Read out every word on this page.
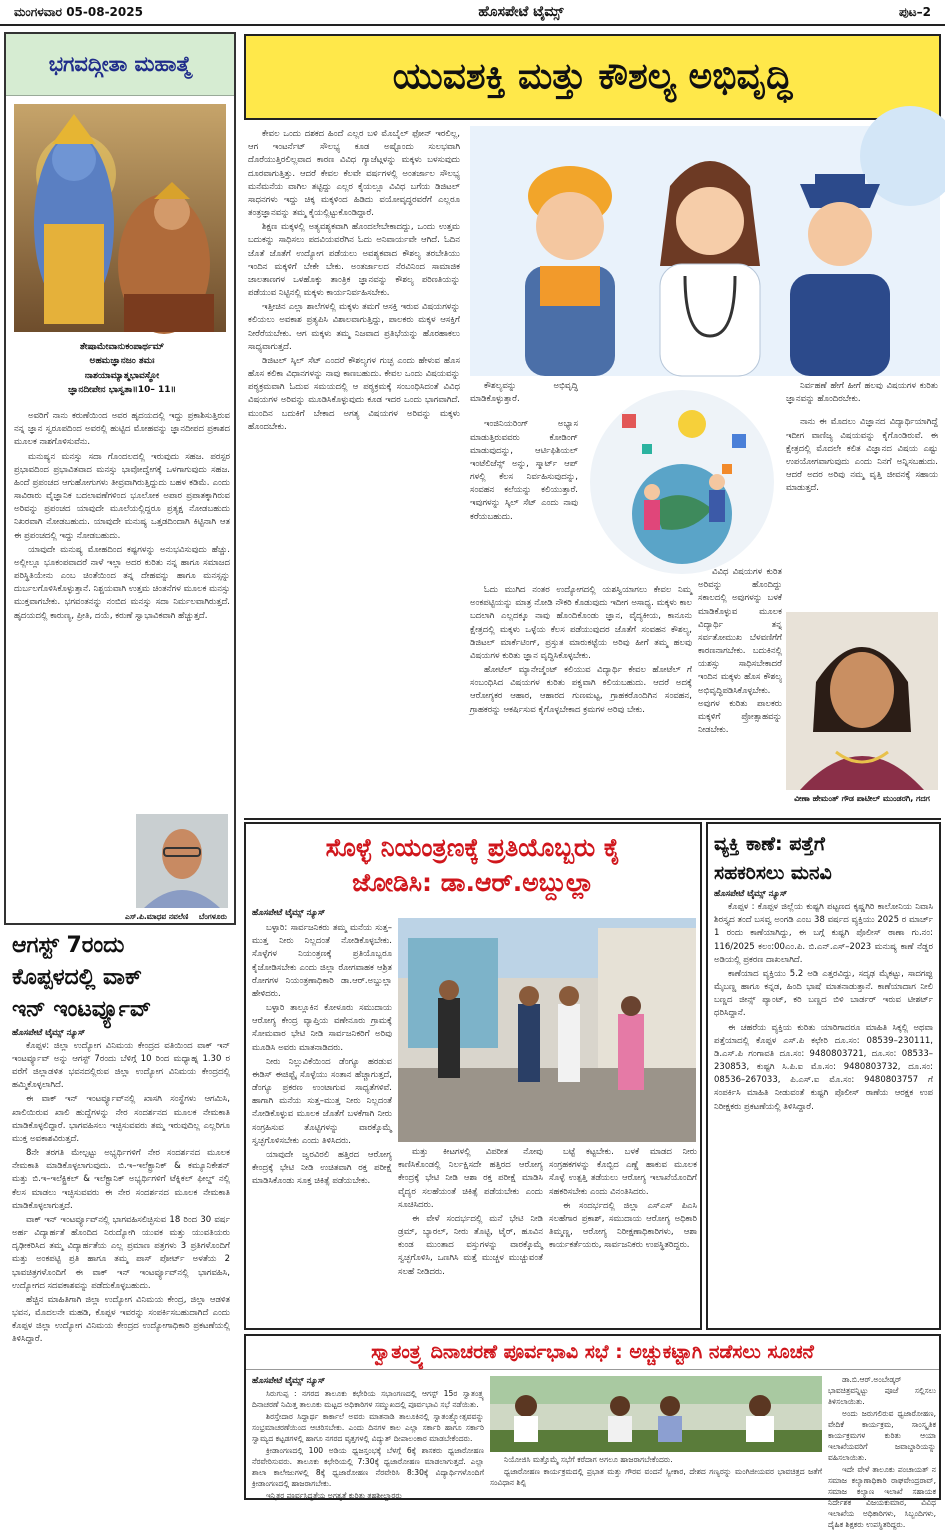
ಮಂಗಳವಾರ 05-08-2025	ಹೊಸಪೇಟೆ ಟೈಮ್ಸ್	ಪುಟ–2
ಭಗವದ್ಗೀತಾ ಮಹಾತ್ಮೆ
ತೇಷಾಮೇವಾನುಕಂಪಾರ್ಥಮ್
ಅಹಮಜ್ಞಾನಜಂ ತಮಃ
ನಾಶಯಾಮ್ಯಾತ್ಮಭಾವಸ್ಥೋ
ಜ್ಞಾನದೀಪೇನ ಭಾಸ್ವತಾ॥10– 11॥

ಅವರಿಗೆ ನಾನು ಕರುಣೆಯಿಂದ ಅವರ ಹೃದಯದಲ್ಲಿ ಇದ್ದು ಪ್ರಕಾಶಿಸುತ್ತಿರುವ ನನ್ನ ಜ್ಞಾನ ಸ್ವರೂಪದಿಂದ ಅವರಲ್ಲಿ ಹುಟ್ಟಿದ ಮೋಹವನ್ನು ಜ್ಞಾನದೀಪದ ಪ್ರಕಾಶದ ಮೂಲಕ ನಾಶಗೊಳಿಸುವೆನು.

ಮನುಷ್ಯನ ಮನಸ್ಸು ಸದಾ ಗೊಂದಲದಲ್ಲಿ ಇರುವುದು ಸಹಜ. ಪರಸ್ಪರ ಪ್ರಭಾವದಿಂದ ಪ್ರಭಾವಿತವಾದ ಮನಸ್ಸು ಭಾವೋದ್ವೇಗಕ್ಕೆ ಒಳಗಾಗುವುದು ಸಹಜ. ಹಿಂದೆ ಪ್ರಪಂಚದ ಆಗುಹೋಗುಗಳು ತೀವ್ರವಾಗಿರುತ್ತಿದ್ದುದು ಬಹಳ ಕಡಿಮೆ. ಎಂದು ಸಾವಿರಾರು ವೈಜ್ಞಾನಿಕ ಬದಲಾವಣೆಗಳಿಂದ ಭೂಲೋಕ ಅಪಾರ ಪ್ರಪಾತಕ್ಕಾಗಿರುವ ಅರಿವನ್ನು ಪ್ರಪಂಚದ ಯಾವುದೇ ಮೂಲೆಯಲ್ಲಿದ್ದರೂ ಪ್ರತ್ಯಕ್ಷ ನೋಡಬಹುದು ನಿಖರವಾಗಿ ನೋಡಬಹುದು. ಯಾವುದೇ ಮನುಷ್ಯ ಒತ್ತಡದಿಂದಾಗಿ ಕಿಟ್ಟಿನಾಗಿ ಆತ ಈ ಪ್ರಪಂಚದಲ್ಲಿ ಇದ್ದು ನೋಡಬಹುದು.

ಯಾವುದೇ ಮನುಷ್ಯ ಮೋಹದಿಂದ ಕಷ್ಟಗಳನ್ನು ಅನುಭವಿಸುವುದು ಹೆಚ್ಚು. ಅಲ್ಲೀಲ್ಲೂ ಭೂಕಂಪವಾದರೆ ನಾಳೆ ಇಲ್ಲಾ ಅದರ ಕುರಿತು ನನ್ನ ಹಾಗೂ ಸಮಾಜದ ಪರಿಸ್ಥಿತಿಯೇನು ಎಂಬ ಚಿಂತೆಯಿಂದ ತನ್ನ ದೇಹವನ್ನು ಹಾಗೂ ಮನಸ್ಸನ್ನು ದುರ್ಬಲಗೊಳಿಸಿಕೊಳ್ಳುತ್ತಾನೆ. ನಿಶ್ಚಯವಾಗಿ ಉತ್ತಮ ಚಿಂತನೆಗಳ ಮೂಲಕ ಮನಸ್ಸು ಮುಕ್ತವಾಗಬೇಕು. ಭಗವಂತನನ್ನು ನಂಬಿದ ಮನಸ್ಸು ಸದಾ ನಿರ್ಮಲವಾಗಿರುತ್ತದೆ. ಹೃದಯದಲ್ಲಿ ಕಾರುಣ್ಯ, ಪ್ರೀತಿ, ದಯೆ, ಕರುಣೆ ಸ್ವಾಭಾವಿಕವಾಗಿ ಹೆಚ್ಚುತ್ತದೆ.

ಎಸ್.ಪಿ.ಮಾಧವ ನವಲೆಣಿ ಬೆಂಗಳೂರು
ಆಗಸ್ಟ್ 7ರಂದು
ಕೊಪ್ಪಳದಲ್ಲಿ ವಾಕ್
ಇನ್ ಇಂಟರ್ವ್ಯೂವ್
ಹೊಸಪೇಟೆ ಟೈಮ್ಸ್ ನ್ಯೂಸ್

ಕೊಪ್ಪಳ: ಜಿಲ್ಲಾ ಉದ್ಯೋಗ ವಿನಿಮಯ ಕೇಂದ್ರದ ವತಿಯಿಂದ ವಾಕ್ ಇನ್ ಇಂಟರ್ವ್ಯೂವ್ ಅನ್ನು ಆಗಸ್ಟ್ 7ರಂದು ಬೆಳಿಗ್ಗೆ 10 ರಿಂದ ಮಧ್ಯಾಹ್ನ 1.30 ರ ವರೆಗೆ ಜಿಲ್ಲಾಡಳಿತ ಭವನದಲ್ಲಿರುವ ಜಿಲ್ಲಾ ಉದ್ಯೋಗ ವಿನಿಮಯ ಕೇಂದ್ರದಲ್ಲಿ ಹಮ್ಮಿಕೊಳ್ಳಲಾಗಿದೆ.

ಈ ವಾಕ್ ಇನ್ ಇಂಟರ್ವ್ಯೂವ್‌ನಲ್ಲಿ ಖಾಸಗಿ ಸಂಸ್ಥೆಗಳು ಆಗಮಿಸಿ, ಖಾಲಿಯಿರುವ ಖಾಲಿ ಹುದ್ದೆಗಳನ್ನು ನೇರ ಸಂದರ್ಶನದ ಮೂಲಕ ನೇಮಕಾತಿ ಮಾಡಿಕೊಳ್ಳಲಿದ್ದಾರೆ. ಭಾಗವಹಿಸಲು ಇಚ್ಛಿಸುವವರು ತಮ್ಮ ಇರುವುದಿಲ್ಲ ಎಲ್ಲರಿಗೂ ಮುಕ್ತ ಅವಕಾಶವಿರುತ್ತದೆ.

8ನೇ ತರಗತಿ ಮೇಲ್ಪಟ್ಟು ಅಭ್ಯರ್ಥಿಗಳಿಗೆ ನೇರ ಸಂದರ್ಶನದ ಮೂಲಕ ನೇಮಕಾತಿ ಮಾಡಿಕೊಳ್ಳಲಾಗುವುದು. ಬಿ.ಇ–ಇಲೆಕ್ಟ್ರಾನಿಕ್ & ಕಮ್ಯೂನಿಕೇಶನ್ ಮತ್ತು ಬಿ.ಇ–ಇಲೆಕ್ಟ್ರಿಕಲ್ & ಇಲೆಕ್ಟ್ರಾನಿಕ್ ಅಭ್ಯರ್ಥಿಗಳಿಗೆ ಟೆಕ್ನಿಕಲ್ ಫೀಲ್ಡ್ ನಲ್ಲಿ ಕೆಲಸ ಮಾಡಲು ಇಚ್ಛಿಸುವವರು ಈ ನೇರ ಸಂದರ್ಶನದ ಮೂಲಕ ನೇಮಕಾತಿ ಮಾಡಿಕೊಳ್ಳಲಾಗುತ್ತದೆ.

ವಾಕ್ ಇನ್ ಇಂಟರ್ವ್ಯೂವ್‌ನಲ್ಲಿ ಭಾಗವಹಿಸಲಿಚ್ಛಿಸುವ 18 ರಿಂದ 30 ವರ್ಷ ಅರ್ಹ ವಿದ್ಯಾರ್ಹತೆ ಹೊಂದಿದ ನಿರುದ್ಯೋಗಿ ಯುವಕ ಮತ್ತು ಯುವತಿಯರು ದೃಢೀಕರಿಸಿದ ತಮ್ಮ ವಿದ್ಯಾರ್ಹತೆಯ ಎಲ್ಲ ಪ್ರಮಾಣ ಪತ್ರಗಳು 3 ಪ್ರತಿಗಳೊಂದಿಗೆ ಮತ್ತು ಅಂಕಪಟ್ಟಿ ಪ್ರತಿ ಹಾಗೂ ತಮ್ಮ ಪಾಸ್ ಪೋರ್ಟ್ ಅಳತೆಯ 2 ಭಾವಚಿತ್ರಗಳೊಂದಿಗೆ ಈ ವಾಕ್ ಇನ್ ಇಂಟರ್ವ್ಯೂವ್‌ನಲ್ಲಿ ಭಾಗವಹಿಸಿ, ಉದ್ಯೋಗದ ಸದವಕಾಶವನ್ನು ಪಡೆದುಕೊಳ್ಳಬಹುದು.

ಹೆಚ್ಚಿನ ಮಾಹಿತಿಗಾಗಿ ಜಿಲ್ಲಾ ಉದ್ಯೋಗ ವಿನಿಮಯ ಕೇಂದ್ರ, ಜಿಲ್ಲಾ ಆಡಳಿತ ಭವನ, ಮೊದಲನೇ ಮಹಡಿ, ಕೊಪ್ಪಳ ಇವರನ್ನು ಸಂಪರ್ಕಿಸಬಹುದಾಗಿದೆ ಎಂದು ಕೊಪ್ಪಳ ಜಿಲ್ಲಾ ಉದ್ಯೋಗ ವಿನಿಮಯ ಕೇಂದ್ರದ ಉದ್ಯೋಗಾಧಿಕಾರಿ ಪ್ರಕಟಣೆಯಲ್ಲಿ ತಿಳಿಸಿದ್ದಾರೆ.

ಯುವಶಕ್ತಿ ಮತ್ತು ಕೌಶಲ್ಯ ಅಭಿವೃದ್ಧಿ

ಕೇವಲ ಒಂದು ದಶಕದ ಹಿಂದೆ ಎಲ್ಲರ ಬಳಿ ಮೊಬೈಲ್ ಫೋನ್ ಇರಲಿಲ್ಲ, ಆಗ ಇಂಟರ್ನೆಟ್ ಸೌಲಭ್ಯ ಕೂಡ ಅಷ್ಟೊಂದು ಸುಲಭವಾಗಿ ದೊರೆಯುತ್ತಿರಲಿಲ್ಲವಾದ ಕಾರಣ ವಿವಿಧ ಗ್ಯಾಜೆಟ್ಗಳನ್ನು ಮಕ್ಕಳು ಬಳಸುವುದು ದೂರವಾಗುತ್ತಿತ್ತು. ಆದರೆ ಕೇವಲ ಕೆಲವೇ ವರ್ಷಗಳಲ್ಲಿ ಅಂತರ್ಜಾಲ ಸೌಲಭ್ಯ ಮನೆಮನೆಯ ವಾಗಿಲ ತಟ್ಟಿದ್ದು ಎಲ್ಲರ ಕೈಯಲ್ಲೂ ವಿವಿಧ ಬಗೆಯ ಡಿಜಿಟಲ್ ಸಾಧನಗಳು ಇದ್ದು ಚಿಕ್ಕ ಮಕ್ಕಳಿಂದ ಹಿಡಿದು ವಯೋವೃದ್ಧರವರೆಗೆ ಎಲ್ಲರೂ ತಂತ್ರಜ್ಞಾನವನ್ನು ತಮ್ಮ ಕೈಯಲ್ಲಿಟ್ಟುಕೊಂಡಿದ್ದಾರೆ.

ಶಿಕ್ಷಣ ಮಕ್ಕಳಲ್ಲಿ ಅತ್ಯವಶ್ಯಕವಾಗಿ ಹೊಂದಲೇಬೇಕಾದದ್ದು, ಒಂದು ಉತ್ತಮ ಬದುಕನ್ನು ಸಾಧಿಸಲು ಪದವಿಯವರೆಗಿನ ಓದು ಅನಿವಾರ್ಯವೇ ಆಗಿದೆ. ಓದಿನ ಜೊತೆ ಜೊತೆಗೆ ಉದ್ಯೋಗ ಪಡೆಯಲು ಅವಶ್ಯಕವಾದ ಕೌಶಲ್ಯ ತರಬೇತಿಯು ಇಂದಿನ ಮಕ್ಕಳಿಗೆ ಬೇಕೇ ಬೇಕು. ಅಂತರ್ಜಾಲದ ನೆರವಿನಿಂದ ಸಾಮಾಜಿಕ ಜಾಲತಾಣಗಳ ಒಳಹೊಕ್ಕು ತಾಂತ್ರಿಕ ಜ್ಞಾನವನ್ನು ಕೌಶಲ್ಯ ಪರಿಣತಿಯನ್ನು ಪಡೆಯುವ ನಿಟ್ಟಿನಲ್ಲಿ ಮಕ್ಕಳು ಕಾರ್ಯನಿರ್ವಹಿಸಬೇಕು.

ಇತ್ತೀಚಿನ ಎಲ್ಲಾ ಶಾಲೆಗಳಲ್ಲಿ ಮಕ್ಕಳು ತಮಗೆ ಆಸಕ್ತಿ ಇರುವ ವಿಷಯಗಳನ್ನು ಕಲಿಯಲು ಅವಕಾಶ ಪ್ರತ್ಯಪಿಸಿ ವಿಶಾಲವಾಗುತ್ತಿದ್ದು, ಪಾಲಕರು ಮಕ್ಕಳ ಆಸಕ್ತಿಗೆ ನೀರೆರೆಯಬೇಕು. ಆಗ ಮಕ್ಕಳು ತಮ್ಮ ನಿಜವಾದ ಪ್ರತಿಭೆಯನ್ನು ಹೊರಹಾಕಲು ಸಾಧ್ಯವಾಗುತ್ತದೆ.

ಡಿಜಿಟಲ್ ಸ್ಕಿಲ್ ಸೆಟ್ ಎಂದರೆ ಕೌಶಲ್ಯಗಳ ಗುಚ್ಛ ಎಂದು ಹೇಳುವ ಹೊಸ ಹೊಸ ಕಲಿಕಾ ವಿಧಾನಗಳನ್ನು ನಾವು ಕಾಣಬಹುದು. ಕೇವಲ ಒಂದು ವಿಷಯವನ್ನು ಪಠ್ಯಕ್ರಮವಾಗಿ ಓದುವ ಸಮಯದಲ್ಲಿ ಆ ಪಠ್ಯಕ್ರಮಕ್ಕೆ ಸಂಬಂಧಿಸಿದಂತೆ ವಿವಿಧ ವಿಷಯಗಳ ಅರಿವನ್ನು ಮೂಡಿಸಿಕೊಳ್ಳುವುದು ಕೂಡ ಇದರ ಒಂದು ಭಾಗವಾಗಿದೆ. ಮುಂದಿನ ಬದುಕಿಗೆ ಬೇಕಾದ ಅಗತ್ಯ ವಿಷಯಗಳ ಅರಿವನ್ನು ಮಕ್ಕಳು ಹೊಂದಬೇಕು.

ಕೌಶಲ್ಯವನ್ನು ಅಭಿವೃದ್ಧಿ ಮಾಡಿಕೊಳ್ಳುತ್ತಾರೆ.

ಇಂಜಿನಿಯರಿಂಗ್ ಅಭ್ಯಾಸ ಮಾಡುತ್ತಿರುವವರು ಕೋಡಿಂಗ್ ಮಾಡುವುದನ್ನು, ಆರ್ಟಿಫಿಶಿಯಲ್ ಇಂಟೆಲಿಜೆನ್ಸ್ ಅನ್ನು, ಸ್ಮಾರ್ಟ್ ಆಪ್ ಗಳಲ್ಲಿ ಕೆಲಸ ನಿರ್ವಹಿಸುವುದನ್ನು, ಸಂವಹನ ಕಲೆಯನ್ನು ಕಲಿಯುತ್ತಾರೆ. ಇವುಗಳನ್ನು ಸ್ಕಿಲ್ ಸೆಟ್ ಎಂದು ನಾವು ಕರೆಯಬಹುದು.

ಓದು ಮುಗಿದ ನಂತರ ಉದ್ಯೋಗದಲ್ಲಿ ಯಶಸ್ವಿಯಾಗಲು ಕೇವಲ ನಿಮ್ಮ ಅಂಕಪಟ್ಟಿಯನ್ನು ಮಾತ್ರ ನೋಡಿ ನೌಕರಿ ಕೊಡುವುದು ಇದೀಗ ಅಸಾಧ್ಯ. ಮಕ್ಕಳು ಕಾಲ ಬದಲಾಗಿ ಎಲ್ಲದಕ್ಕೂ ನಾವು ಹೊಂದಿಕೊಂಡು ಜ್ಞಾನ, ವೈದ್ಯಕೀಯ, ಕಾನೂನು ಕ್ಷೇತ್ರದಲ್ಲಿ ಮಕ್ಕಳು ಒಳ್ಳೆಯ ಕೆಲಸ ಪಡೆಯುವುದರ ಜೊತೆಗೆ ಸಂವಹನ ಕೌಶಲ್ಯ, ಡಿಜಿಟಲ್ ಮಾರ್ಕೆಟಿಂಗ್, ಪ್ರಸ್ತುತ ಮಾರುಕಟ್ಟೆಯ ಅರಿವು ಹೀಗೆ ತಮ್ಮ ಹಲವು ವಿಷಯಗಳ ಕುರಿತು ಜ್ಞಾನ ವೃದ್ಧಿಸಿಕೊಳ್ಳಬೇಕು.

ಹೋಟೆಲ್ ಮ್ಯಾನೇಜ್ಮೆಂಟ್ ಕಲಿಯುವ ವಿದ್ಯಾರ್ಥಿ ಕೇವಲ ಹೋಟೆಲ್ ಗೆ ಸಂಬಂಧಿಸಿದ ವಿಷಯಗಳ ಕುರಿತು ಪಕ್ವವಾಗಿ ಕಲಿಯಬಹುದು. ಆದರೆ ಅದಕ್ಕೆ ಆರೋಗ್ಯಕರ ಆಹಾರ, ಆಹಾರದ ಗುಣಮಟ್ಟ, ಗ್ರಾಹಕರೊಂದಿಗಿನ ಸಂವಹನ, ಗ್ರಾಹಕರನ್ನು ಆಕರ್ಷಿಸುವ ಕೈಗೊಳ್ಳಬೇಕಾದ ಕ್ರಮಗಳ ಅರಿವು ಬೇಕು.

ನಿರ್ವಹಣೆ ಹೇಗೆ ಹೀಗೆ ಹಲವು ವಿಷಯಗಳ ಕುರಿತು ಜ್ಞಾನವನ್ನು ಹೊಂದಿರಬೇಕು.

ನಾನು ಈ ಮೊದಲು ವಿಜ್ಞಾನದ ವಿದ್ಯಾರ್ಥಿಯಾಗಿದ್ದೆ ಇದೀಗ ವಾಣಿಜ್ಯ ವಿಷಯವನ್ನು ಕೈಗೊಂಡಿರುವೆ. ಈ ಕ್ಷೇತ್ರದಲ್ಲಿ ಮೊದಲೇ ಕಲಿತ ವಿಜ್ಞಾನದ ವಿಷಯ ಎಷ್ಟು ಉಪಯೋಗವಾಗುವುದು ಎಂದು ನಿನಗೆ ಅನ್ನಿಸಬಹುದು. ಆದರೆ ಅದರ ಅರಿವು ನಮ್ಮ ವೃತ್ತಿ ಜೀವನಕ್ಕೆ ಸಹಾಯ ಮಾಡುತ್ತದೆ.

ವಿವಿಧ ವಿಷಯಗಳ ಕುರಿತ ಅರಿವನ್ನು ಹೊಂದಿದ್ದು ಸಕಾಲದಲ್ಲಿ ಅವುಗಳನ್ನು ಬಳಕೆ ಮಾಡಿಕೊಳ್ಳುವ ಮೂಲಕ ವಿದ್ಯಾರ್ಥಿ ತನ್ನ ಸರ್ವತೋಮುಖ ಬೆಳವಣಿಗೆಗೆ ಕಾರಣನಾಗಬೇಕು. ಬದುಕಿನಲ್ಲಿ ಯಶಸ್ಸು ಸಾಧಿಸಬೇಕಾದರೆ ಇಂದಿನ ಮಕ್ಕಳು ಹೊಸ ಕೌಶಲ್ಯ ಅಭಿವೃದ್ಧಿಪಡಿಸಿಕೊಳ್ಳಬೇಕು. ಅವುಗಳ ಕುರಿತು ಪಾಲಕರು ಮಕ್ಕಳಿಗೆ ಪ್ರೋತ್ಸಾಹವನ್ನು ನೀಡಬೇಕು.

ವೀಣಾ ಹೇಮಂತ್ ಗೌಡ ಪಾಟೀಲ್ ಮುಂಡರಗಿ, ಗದಗ
ಸೊಳ್ಳೆ ನಿಯಂತ್ರಣಕ್ಕೆ ಪ್ರತಿಯೊಬ್ಬರು ಕೈ
ಜೋಡಿಸಿ: ಡಾ.ಆರ್.ಅಬ್ದುಲ್ಲಾ
ಹೊಸಪೇಟೆ ಟೈಮ್ಸ್ ನ್ಯೂಸ್

ಬಳ್ಳಾರಿ: ಸಾರ್ವಜನಿಕರು ತಮ್ಮ ಮನೆಯ ಸುತ್ತ–ಮುತ್ತ ನೀರು ನಿಲ್ಲದಂತೆ ನೋಡಿಕೊಳ್ಳಬೇಕು. ಸೊಳ್ಳೆಗಳ ನಿಯಂತ್ರಣಕ್ಕೆ ಪ್ರತಿಯೊಬ್ಬರೂ ಕೈಜೋಡಿಸಬೇಕು ಎಂದು ಜಿಲ್ಲಾ ರೋಗವಾಹಕ ಆಶ್ರಿತ ರೋಗಗಳ ನಿಯಂತ್ರಣಾಧಿಕಾರಿ ಡಾ.ಆರ್.ಅಬ್ದುಲ್ಲಾ ಹೇಳಿದರು.

ಬಳ್ಳಾರಿ ತಾಲ್ಲೂಕಿನ ಕೋಳೂರು ಸಮುದಾಯ ಆರೋಗ್ಯ ಕೇಂದ್ರ ವ್ಯಾಪ್ತಿಯ ವಣೇನೂರು ಗ್ರಾಮಕ್ಕೆ ಸೋಮವಾರ ಭೇಟಿ ನೀಡಿ ಸಾರ್ವಜನಿಕರಿಗೆ ಅರಿವು ಮೂಡಿಸಿ ಅವರು ಮಾತನಾಡಿದರು.

ನೀರು ನಿಲ್ಲುವಿಕೆಯಿಂದ ಡೆಂಗ್ಯೂ ಹರಡುವ ಈಡಿಸ್ ಈಜಿಪ್ಟೈ ಸೊಳ್ಳೆಯು ಸಂತಾನ ಹೆಚ್ಚಾಗುತ್ತದೆ, ಡೆಂಗ್ಯೂ ಪ್ರಕರಣ ಉಂಟಾಗುವ ಸಾಧ್ಯತೆಗಳಿವೆ. ಹಾಗಾಗಿ ಮನೆಯ ಸುತ್ತ–ಮುತ್ತ ನೀರು ನಿಲ್ಲದಂತೆ ನೋಡಿಕೊಳ್ಳುವ ಮೂಲಕ ಜೊತೆಗೆ ಬಳಕೆಗಾಗಿ ನೀರು ಸಂಗ್ರಹಿಸುವ ತೊಟ್ಟಿಗಳನ್ನು ವಾರಕ್ಕೊಮ್ಮೆ ಸ್ವಚ್ಛಗೊಳಿಸಬೇಕು ಎಂದು ತಿಳಿಸಿದರು.

ಯಾವುದೇ ಜ್ವರವಿರಲಿ ಹತ್ತಿರದ ಆರೋಗ್ಯ ಕೇಂದ್ರಕ್ಕೆ ಭೇಟಿ ನೀಡಿ ಉಚಿತವಾಗಿ ರಕ್ತ ಪರೀಕ್ಷೆ ಮಾಡಿಸಿಕೊಂಡು ಸೂಕ್ತ ಚಿಕಿತ್ಸೆ ಪಡೆಯಬೇಕು.

ಮತ್ತು ಕೀಟಗಳಲ್ಲಿ ವಿಪರೀತ ನೋವು ಕಾಣಿಸಿಕೊಂಡಲ್ಲಿ ನಿರ್ಲಕ್ಷಿಸದೇ ಹತ್ತಿರದ ಆರೋಗ್ಯ ಕೇಂದ್ರಕ್ಕೆ ಭೇಟಿ ನೀಡಿ ಆಶಾ ರಕ್ತ ಪರೀಕ್ಷೆ ಮಾಡಿಸಿ ವೈದ್ಯರ ಸಲಹೆಯಂತೆ ಚಿಕಿತ್ಸೆ ಪಡೆಯಬೇಕು ಎಂದು ಸೂಚಿಸಿದರು.

ಈ ವೇಳೆ ಸಂದರ್ಭದಲ್ಲಿ ಮನೆ ಭೇಟಿ ನೀಡಿ ಡ್ರಮ್, ಬ್ಯಾರಲ್, ನೀರು ತೊಟ್ಟಿ, ಟೈರ್, ಹೂವಿನ ಕುಂಡ ಮುಂತಾದ ವಸ್ತುಗಳನ್ನು ವಾರಕ್ಕೊಮ್ಮೆ ಸ್ವಚ್ಛಗೊಳಿಸಿ, ಒಣಗಿಸಿ ಮತ್ತೆ ಮುಚ್ಚಳ ಮುಚ್ಚುವಂತೆ ಸಲಹೆ ನೀಡಿದರು.

ಬಟ್ಟೆ ಕಟ್ಟಬೇಕು. ಬಳಕೆ ಮಾಡದ ನೀರು ಸಂಗ್ರಹಕಗಳನ್ನು ಕೊಬ್ಬಿದ ಎಣ್ಣೆ ಹಾಕುವ ಮೂಲಕ ಸೊಳ್ಳೆ ಉತ್ಪತ್ತಿ ತಡೆಯಲು ಆರೋಗ್ಯ ಇಲಾಖೆಯೊಂದಿಗೆ ಸಹಕರಿಸಬೇಕು ಎಂದು ವಿನಂತಿಸಿದರು.

ಈ ಸಂದರ್ಭದಲ್ಲಿ ಜಿಲ್ಲಾ ಎಸ್ಎಸ್ ಪಿಎಸಿ ಸಲಹೆಗಾರ ಪ್ರಕಾಶ್, ಸಮುದಾಯ ಆರೋಗ್ಯ ಅಧಿಕಾರಿ ತಿಮ್ಮಣ್ಣ, ಆರೋಗ್ಯ ನಿರೀಕ್ಷಣಾಧಿಕಾರಿಗಳು, ಆಶಾ ಕಾರ್ಯಕರ್ತೆಯರು, ಸಾರ್ವಜನಿಕರು ಉಪಸ್ಥಿತರಿದ್ದರು.

ವ್ಯಕ್ತಿ ಕಾಣೆ: ಪತ್ತೆಗೆ
ಸಹಕರಿಸಲು ಮನವಿ
ಹೊಸಪೇಟೆ ಟೈಮ್ಸ್ ನ್ಯೂಸ್

ಕೊಪ್ಪಳ : ಕೊಪ್ಪಳ ಜಿಲ್ಲೆಯ ಕುಷ್ಟಗಿ ಪಟ್ಟಣದ ಕೃಷ್ಣಗಿರಿ ಕಾಲೋನಿಯ ನಿವಾಸಿ ಶಿರಸ್ತ್ಯದ ತಂದೆ ಬಸವ್ವ ಅಂಗಡಿ ಎಂಬ 38 ವರ್ಷದ ವ್ಯಕ್ತಿಯು 2025 ರ ಮಾರ್ಚ್ 1 ರಂದು ಕಾಣೆಯಾಗಿದ್ದು, ಈ ಬಗ್ಗೆ ಕುಷ್ಟಗಿ ಪೊಲೀಸ್ ಠಾಣಾ ಗು.ನಂ: 116/2025 ಕಲಂ:00ಎಂ.ಪಿ. ಬಿ.ಎನ್.ಎಸ್–2023 ಮನುಷ್ಯ ಕಾಣೆ ನೆಡ್ಡರ ಅಡಿಯಲ್ಲಿ ಪ್ರಕರಣ ದಾಖಲಾಗಿದೆ.

ಕಾಣೆಯಾದ ವ್ಯಕ್ತಿಯು 5.2 ಅಡಿ ಎತ್ತರವಿದ್ದು, ಸದೃಢ ಮೈಕಟ್ಟು, ಸಾದಗಪ್ಪು ಮೈಬಣ್ಣ ಹಾಗೂ ಕನ್ನಡ, ಹಿಂದಿ ಭಾಷೆ ಮಾತನಾಡುತ್ತಾನೆ. ಕಾಣೆಯಾದಾಗ ನೀಲಿ ಬಣ್ಣದ ಜೀನ್ಸ್ ಪ್ಯಾಂಟ್, ಕರಿ ಬಣ್ಣದ ಬಿಳಿ ಬಾರ್ಡರ್ ಇರುವ ಟೀಶರ್ಟ್ ಧರಿಸಿದ್ದಾನೆ.

ಈ ಚಹರೆಯ ವ್ಯಕ್ತಿಯ ಕುರಿತು ಯಾರಿಗಾದರೂ ಮಾಹಿತಿ ಸಿಕ್ಕಲ್ಲಿ ಅಥವಾ ಪತ್ತೆಯಾದಲ್ಲಿ ಕೊಪ್ಪಳ ಎಸ್.ಪಿ ಕಛೇರಿ ದೂ.ಸಂ: 08539–230111, ಡಿ.ಎಸ್.ಪಿ ಗಂಗಾವತಿ ದೂ.ಸಂ: 9480803721, ದೂ.ಸಂ: 08533–230853, ಕುಷ್ಟಗಿ ಸಿ.ಪಿ.ಐ ಮೊ.ಸಂ: 9480803732, ದೂ.ಸಂ: 08536–267033, ಪಿ.ಎಸ್.ಐ ಮೊ.ಸಂ: 9480803757 ಗೆ ಸಂಪರ್ಕಿಸಿ ಮಾಹಿತಿ ನೀಡುವಂತೆ ಕುಷ್ಟಗಿ ಪೊಲೀಸ್ ಠಾಣೆಯ ಆರಕ್ಷಕ ಉಪ ನಿರೀಕ್ಷಕರು ಪ್ರಕಟಣೆಯಲ್ಲಿ ತಿಳಿಸಿದ್ದಾರೆ.

ಸ್ವಾತಂತ್ರ್ಯ ದಿನಾಚರಣೆ ಪೂರ್ವಭಾವಿ ಸಭೆ : ಅಚ್ಚುಕಟ್ಟಾಗಿ ನಡೆಸಲು ಸೂಚನೆ
ಹೊಸಪೇಟೆ ಟೈಮ್ಸ್ ನ್ಯೂಸ್

ಸಿರುಗುಪ್ಪ : ನಗರದ ತಾಲೂಕು ಕಛೇರಿಯ ಸಭಾಂಗಣದಲ್ಲಿ ಆಗಸ್ಟ್ 15ರ ಸ್ವಾತಂತ್ರ್ಯ ದಿನಾಚರಣೆ ನಿಮಿತ್ತ ತಾಲೂಕು ಮಟ್ಟದ ಅಧಿಕಾರಿಗಳ ಸಮ್ಮುಖದಲ್ಲಿ ಪೂರ್ವಭಾವಿ ಸಭೆ ನಡೆಯಿತು.

ಶಿರಸ್ತೇದಾರ ಸಿದ್ದಾರ್ಥ ಕಾರ್ಕಾಲೆ ಅವರು ಮಾತನಾಡಿ ತಾಲೂಕಿನಲ್ಲಿ ಸ್ವಾತಂತ್ರ್ಯೋತ್ಸವವನ್ನು ಸಂಭ್ರಮಾಚರಣೆಯಿಂದ ಆಚರಿಸಬೇಕು. ಎಂದು ದಿನಗಳ ಕಾಲ ಎಲ್ಲಾ ಸರ್ಕಾರಿ ಹಾಗೂ ಸರ್ಕಾರಿ ಸ್ವಾಮ್ಯದ ಕಟ್ಟಡಗಳಲ್ಲಿ ಹಾಗೂ ನಗರದ ವೃತ್ತಗಳಲ್ಲಿ ವಿದ್ಯುತ್ ದೀಪಾಲಂಕಾರ ಮಾಡಬೇಕೆಂದರು.

ಕ್ರೀಡಾಂಗಣದಲ್ಲಿ 100 ಅಡಿಯ ಧ್ವಜಸ್ತಂಭಕ್ಕೆ ಬೆಳಗ್ಗೆ 6ಕ್ಕೆ ಶಾಸಕರು ಧ್ವಜಾರೋಹಣ ನೆರವೇರಿಸುವರು. ತಾಲೂಕು ಕಛೇರಿಯಲ್ಲಿ 7:30ಕ್ಕೆ ಧ್ವಜಾರೋಹಣ ಮಾಡಲಾಗುತ್ತದೆ. ಎಲ್ಲಾ ಶಾಲಾ ಕಾಲೇಜುಗಳಲ್ಲಿ 8ಕ್ಕೆ ಧ್ವಜಾರೋಹಣ ನೆರವೇರಿಸಿ 8:30ಕ್ಕೆ ವಿದ್ಯಾರ್ಥಿಗಳೊಂದಿಗೆ ಕ್ರೀಡಾಂಗಣದಲ್ಲಿ ಹಾಜರಾಗಬೇಕು.

ಇನ್ನಿತರ ಪೂರ್ವಸಿದ್ಧತೆಯ ಅಗತ್ಯತೆ ಕುರಿತು ತಹಶೀಲ್ದಾರರು

ನಿಯೋಜಿಸಿ ಮತ್ತೊಮ್ಮೆ ಸಭೆಗೆ ಕರೆದಾಗ ಅಗಲೂ ಹಾಜರಾಗಬೇಕೆಂದರು.

ಧ್ವಜಾರೋಹಣ ಕಾರ್ಯಕ್ರಮದಲ್ಲಿ ಪ್ರಭಾತ ಮತ್ತು ಗೌರವ ವಂದನೆ ಸ್ವೀಕಾರ, ದೇಶದ ಗಣ್ಯರನ್ನು ಮಂಗಿಜೀಯವರ ಭಾವಚಿತ್ರದ ಜತೆಗೆ ಸಂವಿಧಾನ ಶಿಲ್ಪಿ

ಡಾ.ಬಿ.ಆರ್.ಅಂಬೇಡ್ಕರ್ ಭಾವಚಿತ್ರವನ್ನಿಟ್ಟು ಪೂಜೆ ಸಲ್ಲಿಸಲು ತಿಳಿಸಲಾಯಿತು.

ಅಂದು ಜರುಗಲಿರುವ ಧ್ವಜಾರೋಹಣ, ವೇದಿಕೆ ಕಾರ್ಯಕ್ರಮ, ಸಾಂಸ್ಕೃತಿಕ ಕಾರ್ಯಕ್ರಮಗಳ ಕುರಿತು ಆಯಾ ಇಲಾಖೆಯವರಿಗೆ ಜವಾಬ್ದಾರಿಯನ್ನು ವಹಿಸಲಾಯಿತು.

ಇದೇ ವೇಳೆ ತಾಲೂಕು ಪಂಚಾಯತ್ ನ ಸಮಾಜ ಕಲ್ಯಾಣಾಧಿಕಾರಿ ರಾಘವೇಂದ್ರರಾವ್, ಸಮಾಜ ಕಲ್ಯಾಣ ಇಲಾಖೆ ಸಹಾಯಕ ನಿರ್ದೇಶಕ ವಿಜಯಕುಮಾರ, ವಿವಿಧ ಇಲಾಖೆಯ ಅಧಿಕಾರಿಗಳು, ಸಿಬ್ಬಂದಿಗಳು, ದೈಹಿಕ ಶಿಕ್ಷಕರು ಉಪಸ್ಥಿತರಿದ್ದರು.
